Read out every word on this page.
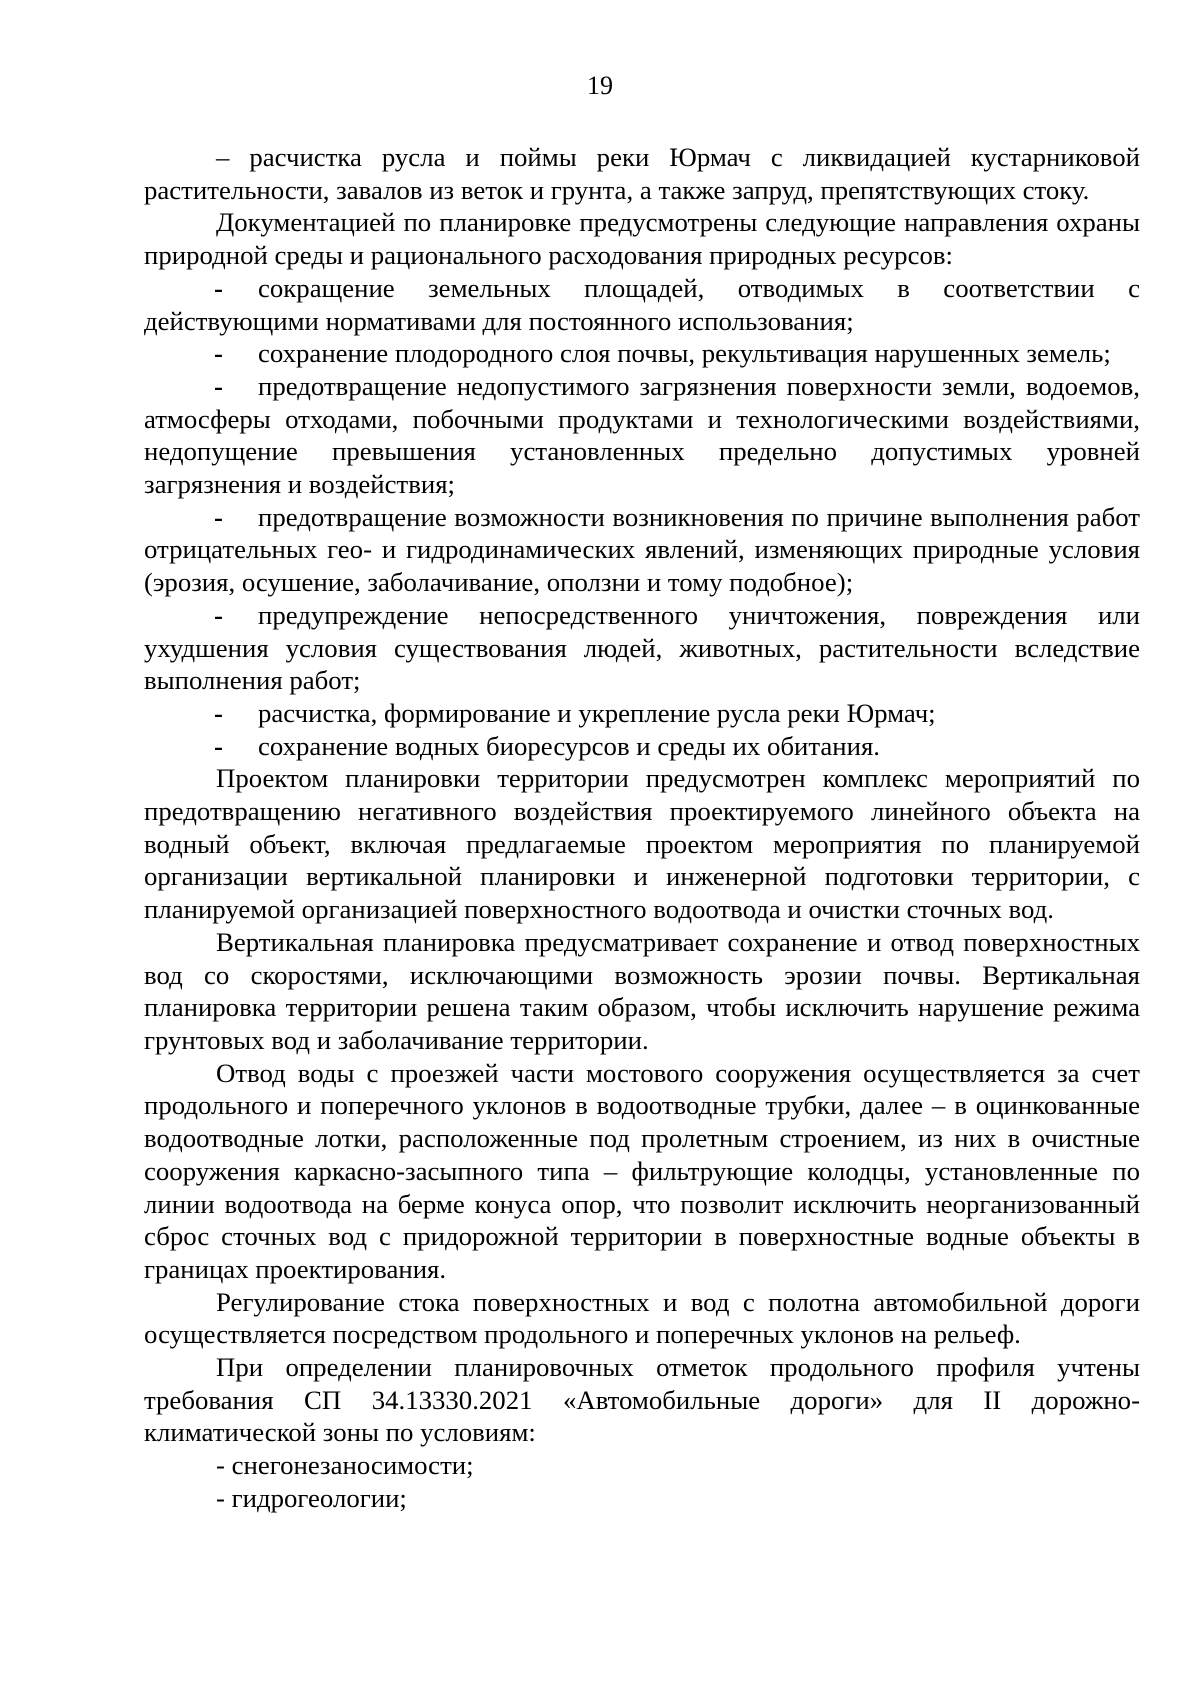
19

– расчистка русла и поймы реки Юрмач с ликвидацией кустарниковой растительности, завалов из веток и грунта, а также запруд, препятствующих стоку.

Документацией по планировке предусмотрены следующие направления охраны природной среды и рационального расходования природных ресурсов:

- сокращение земельных площадей, отводимых в соответствии с действующими нормативами для постоянного использования;

- сохранение плодородного слоя почвы, рекультивация нарушенных земель;

- предотвращение недопустимого загрязнения поверхности земли, водоемов, атмосферы отходами, побочными продуктами и технологическими воздействиями, недопущение превышения установленных предельно допустимых уровней загрязнения и воздействия;

- предотвращение возможности возникновения по причине выполнения работ отрицательных гео- и гидродинамических явлений, изменяющих природные условия (эрозия, осушение, заболачивание, оползни и тому подобное);

- предупреждение непосредственного уничтожения, повреждения или ухудшения условия существования людей, животных, растительности вследствие выполнения работ;

- расчистка, формирование и укрепление русла реки Юрмач;

- сохранение водных биоресурсов и среды их обитания.

Проектом планировки территории предусмотрен комплекс мероприятий по предотвращению негативного воздействия проектируемого линейного объекта на водный объект, включая предлагаемые проектом мероприятия по планируемой организации вертикальной планировки и инженерной подготовки территории, с планируемой организацией поверхностного водоотвода и очистки сточных вод.

Вертикальная планировка предусматривает сохранение и отвод поверхностных вод со скоростями, исключающими возможность эрозии почвы. Вертикальная планировка территории решена таким образом, чтобы исключить нарушение режима грунтовых вод и заболачивание территории.

Отвод воды с проезжей части мостового сооружения осуществляется за счет продольного и поперечного уклонов в водоотводные трубки, далее – в оцинкованные водоотводные лотки, расположенные под пролетным строением, из них в очистные сооружения каркасно-засыпного типа – фильтрующие колодцы, установленные по линии водоотвода на берме конуса опор, что позволит исключить неорганизованный сброс сточных вод с придорожной территории в поверхностные водные объекты в границах проектирования.

Регулирование стока поверхностных и вод с полотна автомобильной дороги осуществляется посредством продольного и поперечных уклонов на рельеф.

При определении планировочных отметок продольного профиля учтены требования СП 34.13330.2021 «Автомобильные дороги» для II дорожно-климатической зоны по условиям:

- снегонезаносимости;

- гидрогеологии;
